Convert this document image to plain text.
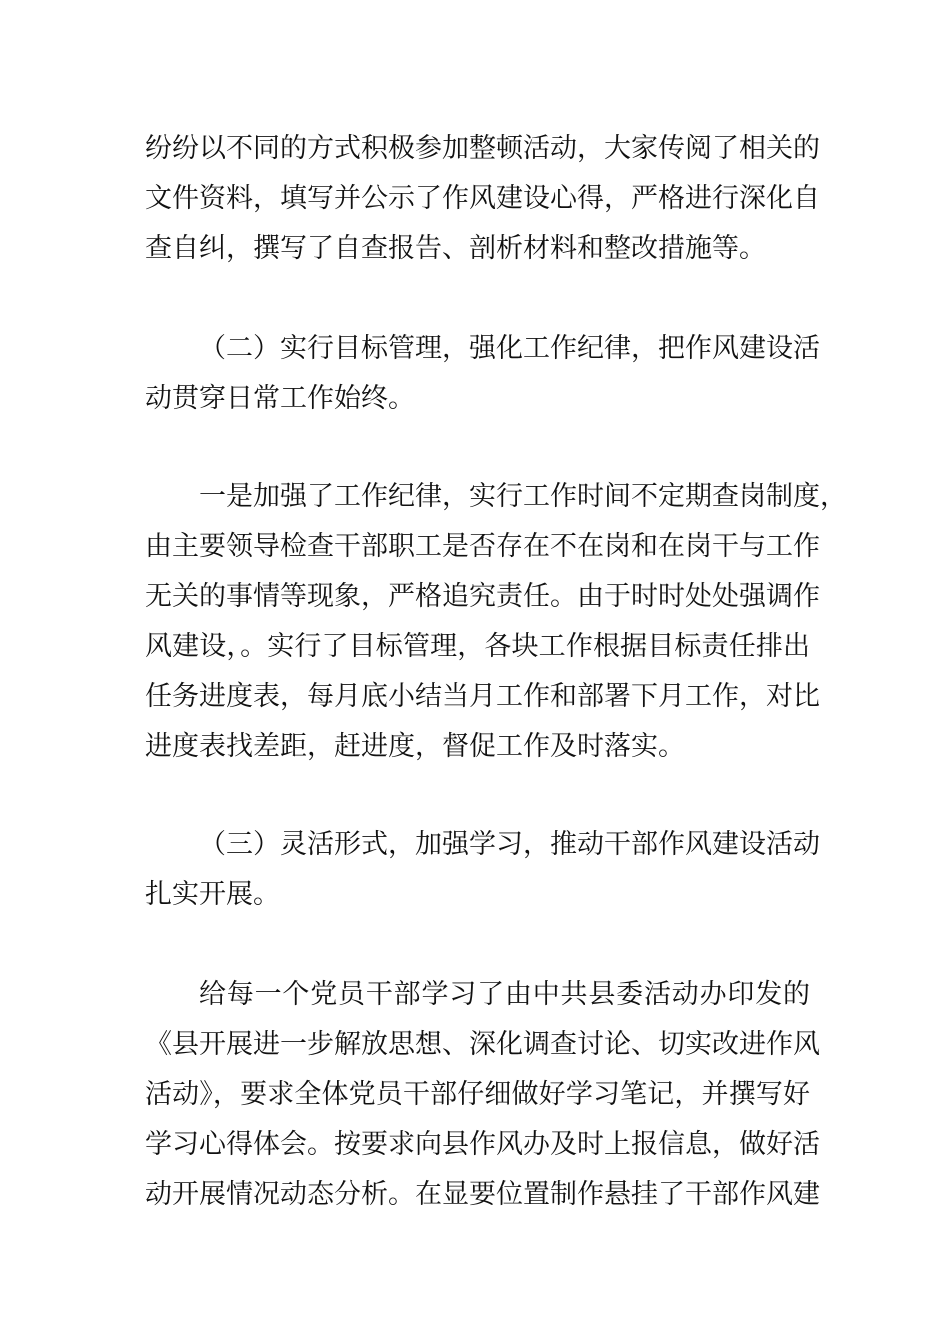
纷纷以不同的方式积极参加整顿活动，大家传阅了相关的
文件资料，填写并公示了作风建设心得，严格进行深化自
查自纠，撰写了自查报告、剖析材料和整改措施等。
（二）实行目标管理，强化工作纪律，把作风建设活
动贯穿日常工作始终。
一是加强了工作纪律，实行工作时间不定期查岗制度，
由主要领导检查干部职工是否存在不在岗和在岗干与工作
无关的事情等现象，严格追究责任。由于时时处处强调作
风建设，。实行了目标管理，各块工作根据目标责任排出
任务进度表，每月底小结当月工作和部署下月工作，对比
进度表找差距，赶进度，督促工作及时落实。
（三）灵活形式，加强学习，推动干部作风建设活动
扎实开展。
给每一个党员干部学习了由中共县委活动办印发的
《县开展进一步解放思想、深化调查讨论、切实改进作风
活动》，要求全体党员干部仔细做好学习笔记，并撰写好
学习心得体会。按要求向县作风办及时上报信息，做好活
动开展情况动态分析。在显要位置制作悬挂了干部作风建
